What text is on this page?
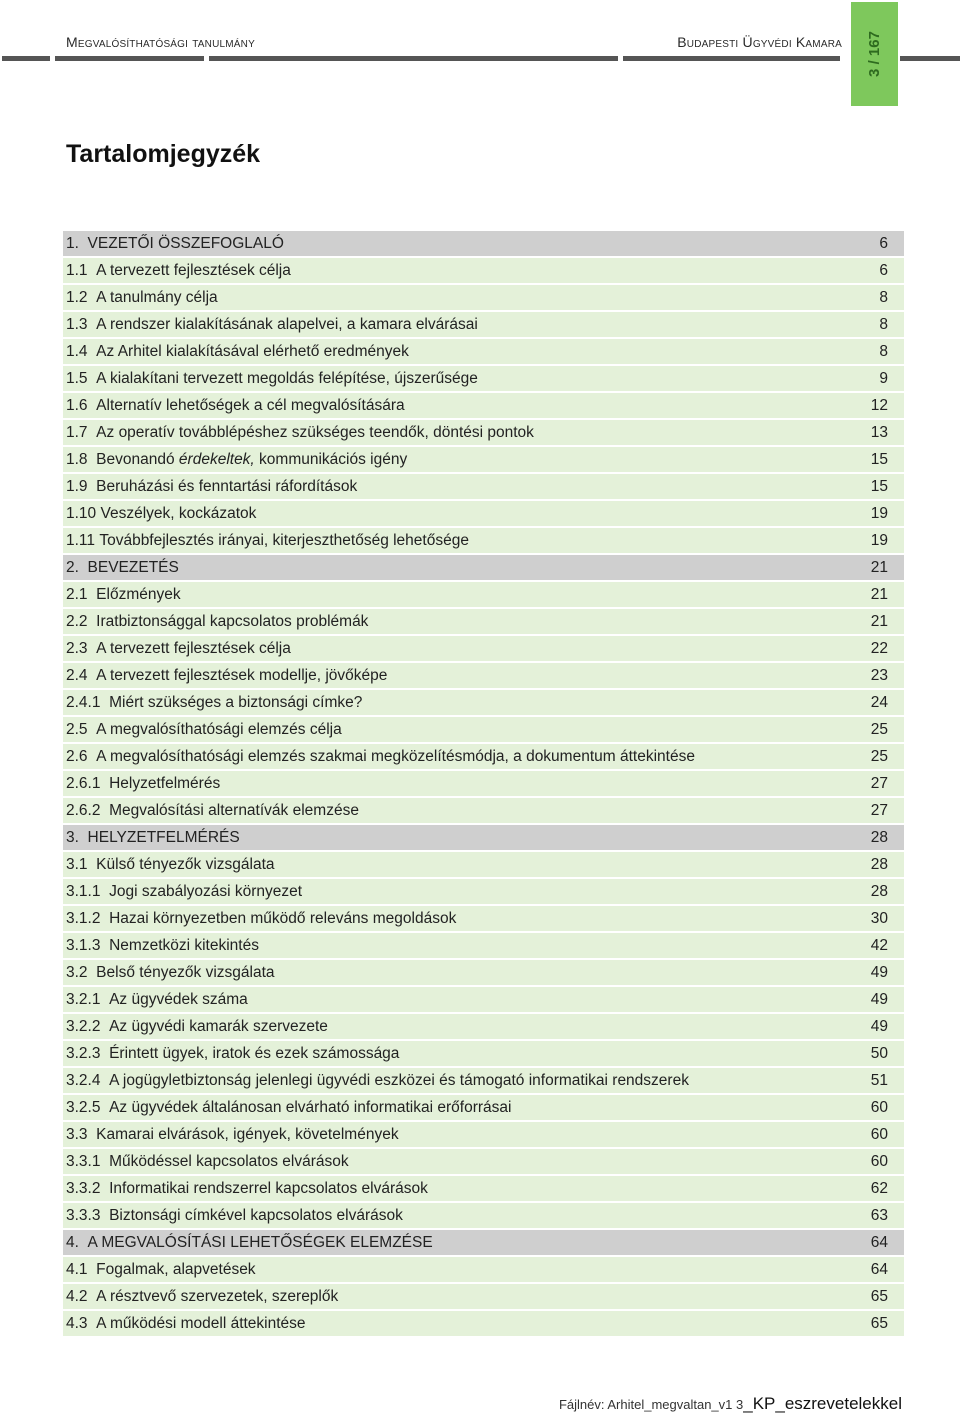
Megvalósíthatósági tanulmány	Budapesti Ügyvédi Kamara	3 / 167
Tartalomjegyzék
1. VEZETŐI ÖSSZEFOGLALÓ	6
1.1 A tervezett fejlesztések célja	6
1.2 A tanulmány célja	8
1.3 A rendszer kialakításának alapelvei, a kamara elvárásai	8
1.4 Az Arhitel kialakításával elérhető eredmények	8
1.5 A kialakítani tervezett megoldás felépítése, újszerűsége	9
1.6 Alternatív lehetőségek a cél megvalósítására	12
1.7 Az operatív továbblépéshez szükséges teendők, döntési pontok	13
1.8 Bevonandó érdekeltek, kommunikációs igény	15
1.9 Beruházási és fenntartási ráfordítások	15
1.10 Veszélyek, kockázatok	19
1.11 Továbbfejlesztés irányai, kiterjeszthetőség lehetősége	19
2. BEVEZETÉS	21
2.1 Előzmények	21
2.2 Iratbiztonsággal kapcsolatos problémák	21
2.3 A tervezett fejlesztések célja	22
2.4 A tervezett fejlesztések modellje, jövőképe	23
2.4.1 Miért szükséges a biztonsági címke?	24
2.5 A megvalósíthatósági elemzés célja	25
2.6 A megvalósíthatósági elemzés szakmai megközelítésmódja, a dokumentum áttekintése	25
2.6.1 Helyzetfelmérés	27
2.6.2 Megvalósítási alternatívák elemzése	27
3. HELYZETFELMÉRÉS	28
3.1 Külső tényezők vizsgálata	28
3.1.1 Jogi szabályozási környezet	28
3.1.2 Hazai környezetben működő releváns megoldások	30
3.1.3 Nemzetközi kitekintés	42
3.2 Belső tényezők vizsgálata	49
3.2.1 Az ügyvédek száma	49
3.2.2 Az ügyvédi kamarák szervezete	49
3.2.3 Érintett ügyek, iratok és ezek számossága	50
3.2.4 A jogügyletbiztonság jelenlegi ügyvédi eszközei és támogató informatikai rendszerek	51
3.2.5 Az ügyvédek általánosan elvárható informatikai erőforrásai	60
3.3 Kamarai elvárások, igények, követelmények	60
3.3.1 Működéssel kapcsolatos elvárások	60
3.3.2 Informatikai rendszerrel kapcsolatos elvárások	62
3.3.3 Biztonsági címkével kapcsolatos elvárások	63
4. A MEGVALÓSÍTÁSI LEHETŐSÉGEK ELEMZÉSE	64
4.1 Fogalmak, alapvetések	64
4.2 A résztvevő szervezetek, szereplők	65
4.3 A működési modell áttekintése	65
Fájlnév: Arhitel_megvaltan_v1 3_KP_eszrevetelekkel
